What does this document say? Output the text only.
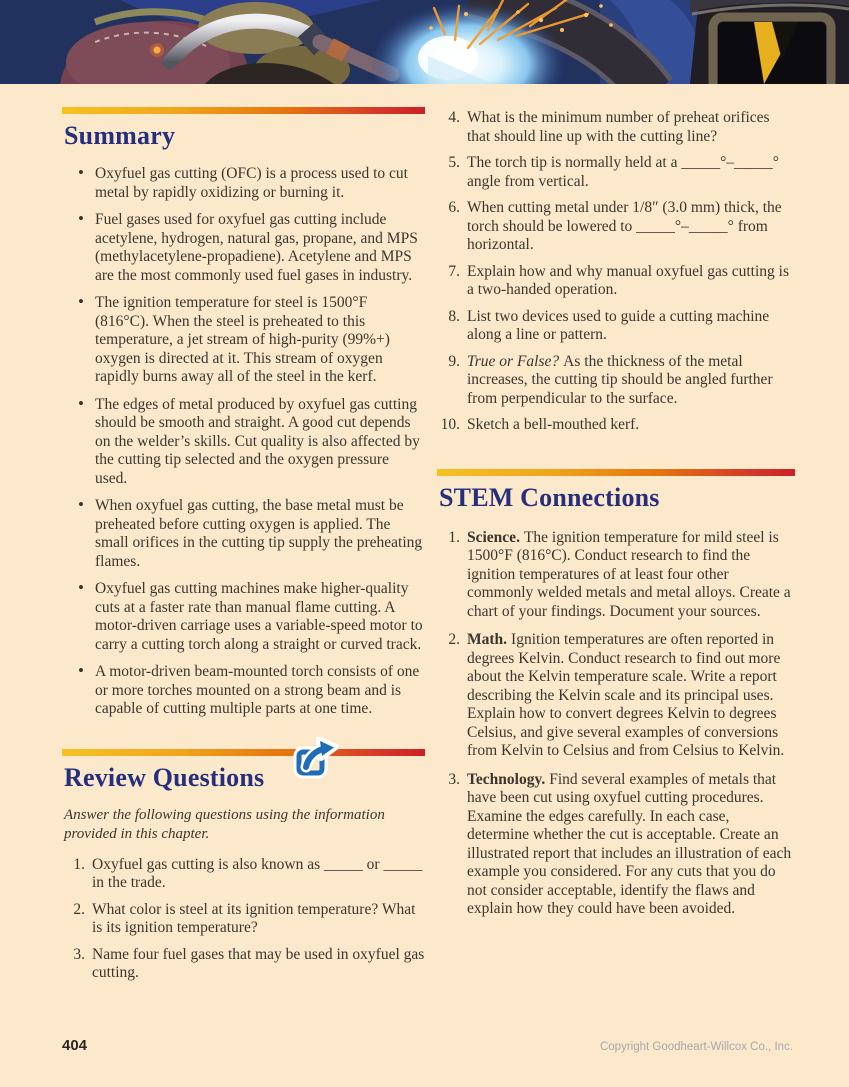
Summary
• Oxyfuel gas cutting (OFC) is a process used to cut metal by rapidly oxidizing or burning it.
• Fuel gases used for oxyfuel gas cutting include acetylene, hydrogen, natural gas, propane, and MPS (methylacetylene-propadiene). Acetylene and MPS are the most commonly used fuel gases in industry.
• The ignition temperature for steel is 1500°F (816°C). When the steel is preheated to this temperature, a jet stream of high-purity (99%+) oxygen is directed at it. This stream of oxygen rapidly burns away all of the steel in the kerf.
• The edges of metal produced by oxyfuel gas cutting should be smooth and straight. A good cut depends on the welder’s skills. Cut quality is also affected by the cutting tip selected and the oxygen pressure used.
• When oxyfuel gas cutting, the base metal must be preheated before cutting oxygen is applied. The small orifices in the cutting tip supply the preheating flames.
• Oxyfuel gas cutting machines make higher-quality cuts at a faster rate than manual flame cutting. A motor-driven carriage uses a variable-speed motor to carry a cutting torch along a straight or curved track.
• A motor-driven beam-mounted torch consists of one or more torches mounted on a strong beam and is capable of cutting multiple parts at one time.
Review Questions

Answer the following questions using the information provided in this chapter.

1. Oxyfuel gas cutting is also known as _____ or _____ in the trade.
2. What color is steel at its ignition temperature? What is its ignition temperature?
3. Name four fuel gases that may be used in oxyfuel gas cutting.
4. What is the minimum number of preheat orifices that should line up with the cutting line?
5. The torch tip is normally held at a _____°–_____° angle from vertical.
6. When cutting metal under 1/8″ (3.0 mm) thick, the torch should be lowered to _____°–_____° from horizontal.
7. Explain how and why manual oxyfuel gas cutting is a two-handed operation.
8. List two devices used to guide a cutting machine along a line or pattern.
9. True or False? As the thickness of the metal increases, the cutting tip should be angled further from perpendicular to the surface.
10. Sketch a bell-mouthed kerf.
STEM Connections
1. Science. The ignition temperature for mild steel is 1500°F (816°C). Conduct research to find the ignition temperatures of at least four other commonly welded metals and metal alloys. Create a chart of your findings. Document your sources.
2. Math. Ignition temperatures are often reported in degrees Kelvin. Conduct research to find out more about the Kelvin temperature scale. Write a report describing the Kelvin scale and its principal uses. Explain how to convert degrees Kelvin to degrees Celsius, and give several examples of conversions from Kelvin to Celsius and from Celsius to Kelvin.
3. Technology. Find several examples of metals that have been cut using oxyfuel cutting procedures. Examine the edges carefully. In each case, determine whether the cut is acceptable. Create an illustrated report that includes an illustration of each example you considered. For any cuts that you do not consider acceptable, identify the flaws and explain how they could have been avoided.
404	Copyright Goodheart-Willcox Co., Inc.
